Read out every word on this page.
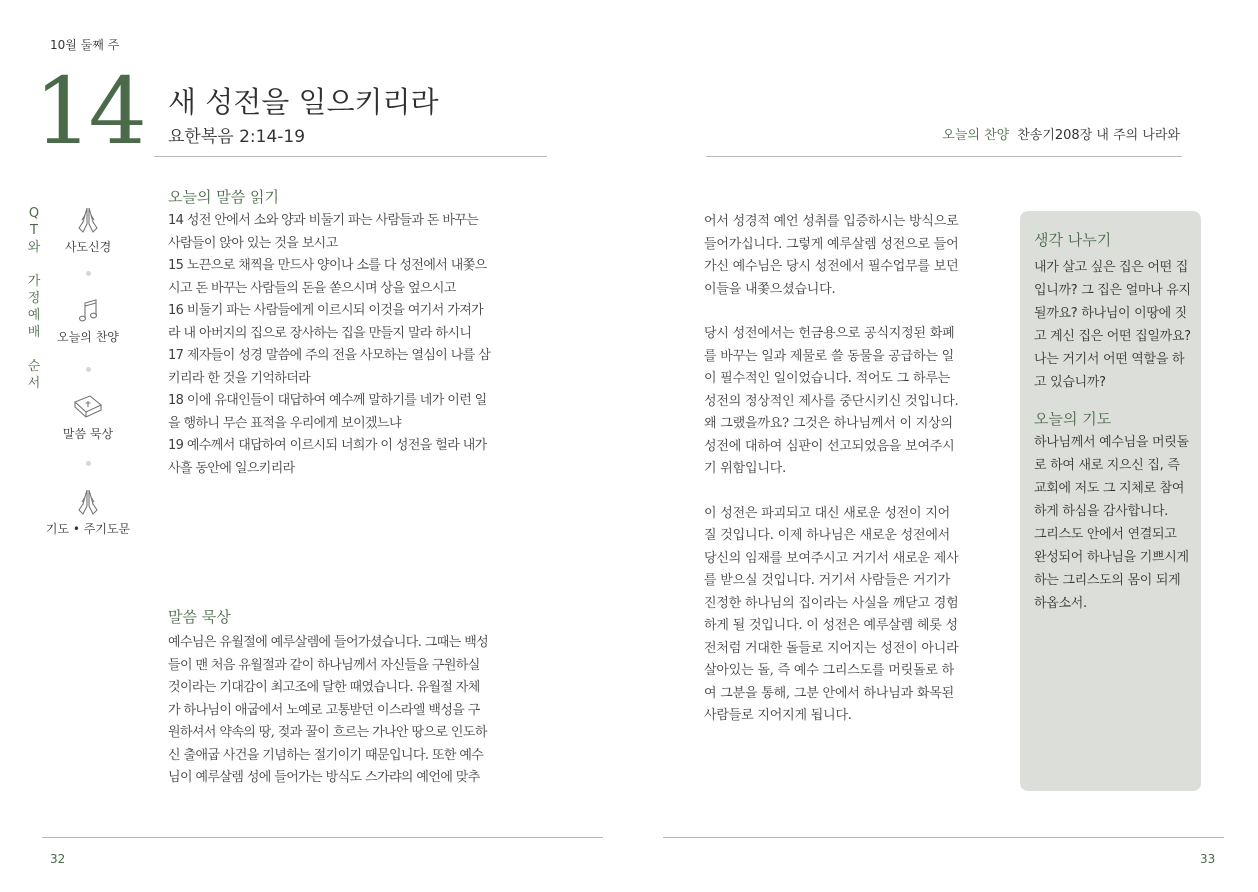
10월 둘째 주
14 새 성전을 일으키리라
요한복음 2:14-19	오늘의 찬양 찬송기208장 내 주의 나라와
Q
T
와
가
정
예
배
순
서
사도신경
오늘의 찬양
말씀 묵상
기도 • 주기도문
오늘의 말씀 읽기
14 성전 안에서 소와 양과 비둘기 파는 사람들과 돈 바꾸는
사람들이 앉아 있는 것을 보시고
15 노끈으로 채찍을 만드사 양이나 소를 다 성전에서 내쫓으
시고 돈 바꾸는 사람들의 돈을 쏟으시며 상을 엎으시고
16 비둘기 파는 사람들에게 이르시되 이것을 여기서 가져가
라 내 아버지의 집으로 장사하는 집을 만들지 말라 하시니
17 제자들이 성경 말씀에 주의 전을 사모하는 열심이 나를 삼
키리라 한 것을 기억하더라
18 이에 유대인들이 대답하여 예수께 말하기를 네가 이런 일
을 행하니 무슨 표적을 우리에게 보이겠느냐
19 예수께서 대답하여 이르시되 너희가 이 성전을 헐라 내가
사흘 동안에 일으키리라
말씀 묵상
예수님은 유월절에 예루살렘에 들어가셨습니다. 그때는 백성
들이 맨 처음 유월절과 같이 하나님께서 자신들을 구원하실
것이라는 기대감이 최고조에 달한 때였습니다. 유월절 자체
가 하나님이 애굽에서 노예로 고통받던 이스라엘 백성을 구
원하셔서 약속의 땅, 젖과 꿀이 흐르는 가나안 땅으로 인도하
신 출애굽 사건을 기념하는 절기이기 때문입니다. 또한 예수
님이 예루살렘 성에 들어가는 방식도 스가랴의 예언에 맞추
어서 성경적 예언 성취를 입증하시는 방식으로
들어가십니다. 그렇게 예루살렘 성전으로 들어
가신 예수님은 당시 성전에서 필수업무를 보던
이들을 내쫓으셨습니다.
당시 성전에서는 헌금용으로 공식지정된 화폐
를 바꾸는 일과 제물로 쓸 동물을 공급하는 일
이 필수적인 일이었습니다. 적어도 그 하루는
성전의 정상적인 제사를 중단시키신 것입니다.
왜 그랬을까요? 그것은 하나님께서 이 지상의
성전에 대하여 심판이 선고되었음을 보여주시
기 위함입니다.
이 성전은 파괴되고 대신 새로운 성전이 지어
질 것입니다. 이제 하나님은 새로운 성전에서
당신의 임재를 보여주시고 거기서 새로운 제사
를 받으실 것입니다. 거기서 사람들은 거기가
진정한 하나님의 집이라는 사실을 깨닫고 경험
하게 될 것입니다. 이 성전은 예루살렘 헤롯 성
전처럼 거대한 돌들로 지어지는 성전이 아니라
살아있는 돌, 즉 예수 그리스도를 머릿돌로 하
여 그분을 통해, 그분 안에서 하나님과 화목된
사람들로 지어지게 됩니다.
생각 나누기
내가 살고 싶은 집은 어떤 집
입니까? 그 집은 얼마나 유지
될까요? 하나님이 이땅에 짓
고 계신 집은 어떤 집일까요?
나는 거기서 어떤 역할을 하
고 있습니까?
오늘의 기도
하나님께서 예수님을 머릿돌
로 하여 새로 지으신 집, 즉
교회에 저도 그 지체로 참여
하게 하심을 감사합니다.
그리스도 안에서 연결되고
완성되어 하나님을 기쁘시게
하는 그리스도의 몸이 되게
하옵소서.
32	33
